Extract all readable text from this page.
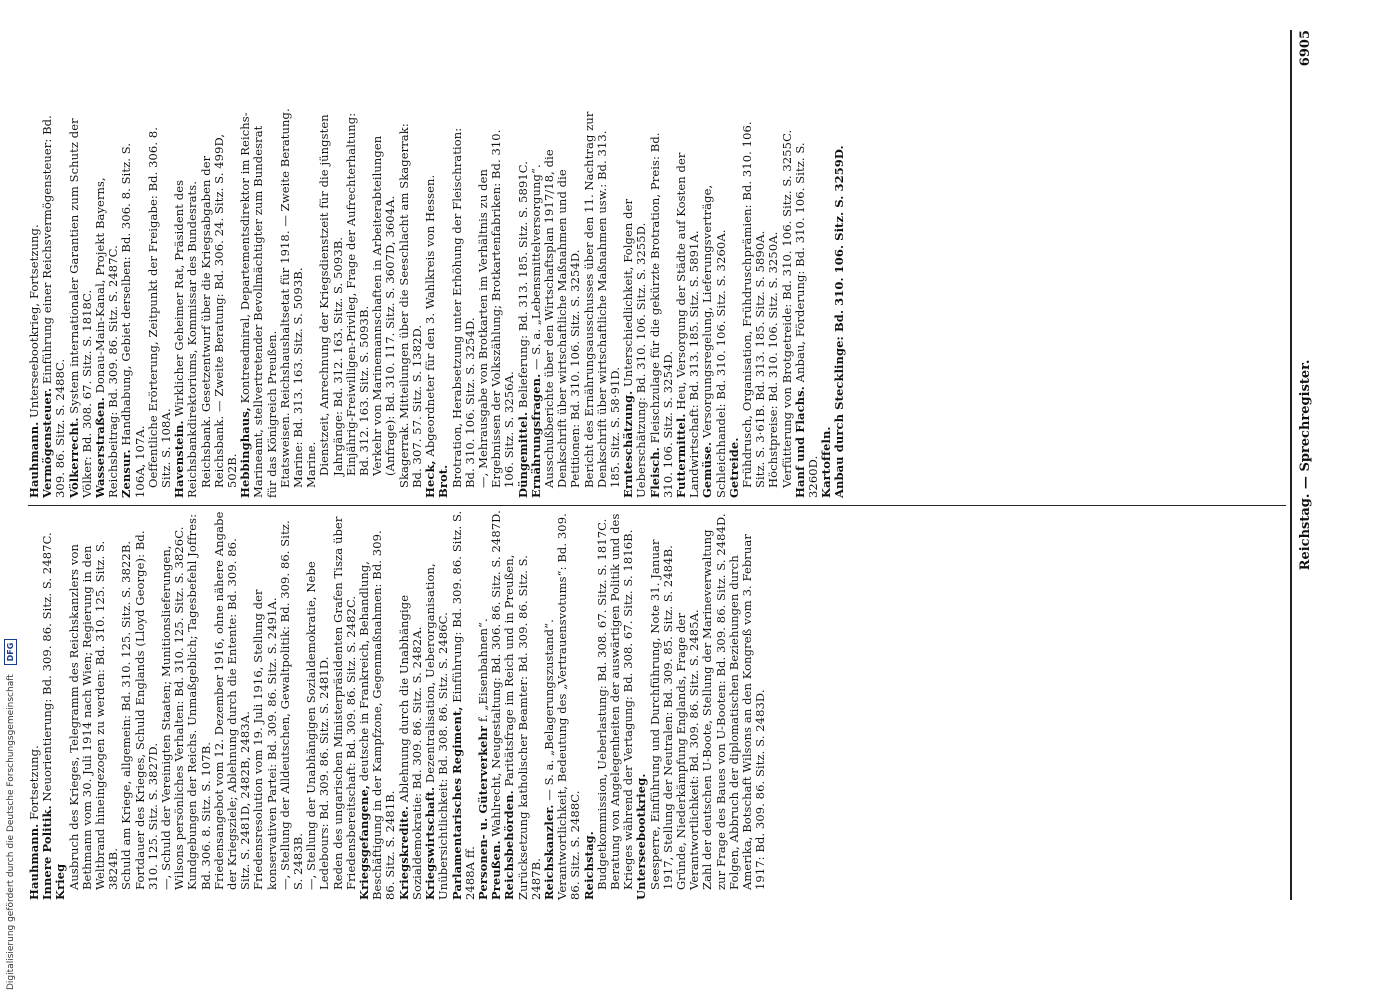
Digitalisierung gefördert durch die Deutsche Forschungsgemeinschaft DFG
Reichstag. — Sprechregister.
6905

Hauhmann. Fortsetzung.

Innere Politik. Neuorientierung: Bd. 309. 86. Sitz. S. 2487C.

Krieg Ausbruch des Krieges, Telegramm des Reichskanzlers von Bethmann vom 30. Juli 1914 nach Wien; Regierung in den Weltbrand hineingezogen zu werden: Bd. 310. 125. Sitz. S. 3824B. Schuld am Kriege, allgemein: Bd. 310. 125. Sitz. S. 3822B. Fortdauer des Krieges, Schuld Englands (Lloyd George): Bd. 310. 125. Sitz. S. 3827D. —, Schuld der Vereinigten Staaten; Munitionslieferungen, Wilsons persönliches Verhalten: Bd. 310. 125. Sitz. S. 3826C. Kundgebungen der Reichs. Unmaßgeblich; Tagesbefehl Joffres: Bd. 306. 8. Sitz. S. 107B. Friedensangebot vom 12. Dezember 1916, ohne nähere Angabe der Kriegsziele; Ablehnung durch die Entente: Bd. 309. 86. Sitz. S. 2481D, 2482B, 2483A. Friedensresolution vom 19. Juli 1916, Stellung der konservativen Partei: Bd. 309. 86. Sitz. S. 2491A. —, Stellung der Alldeutschen, Gewaltpolitik: Bd. 309. 86. Sitz. S. 2483B. —, Stellung der Unabhängigen Sozialdemokratie, Nebe Ledebours: Bd. 309. 86. Sitz. S. 2481D. Reden des ungarischen Ministerpräsidenten Grafen Tisza über Friedensbereitschaft: Bd. 309. 86. Sitz. S. 2482C. Kriegsgefangene, deutsche in Frankreich, Behandlung, Beschäftigung in der Kampfzone, Gegenmaßnahmen: Bd. 309. 86. Sitz. S. 2481B. Kriegskredite. Ablehnung durch die Unabhängige Sozialdemokratie: Bd. 309. 86. Sitz. S. 2482A. Kriegswirtschaft. Dezentralisation, Ueberorganisation, Unübersichtlichkeit: Bd. 308. 86. Sitz. S. 2486C. Parlamentarisches Regiment, Einführung: Bd. 309. 86. Sitz. S. 2488A ff. Personen- u. Güterverkehr f. „Eisenbahnen“.

Preußen. Wahlrecht, Neugestaltung: Bd. 306. 86. Sitz. S. 2487D.

Reichsbehörden. Paritätsfrage im Reich und in Preußen, Zurücksetzung katholischer Beamter: Bd. 309. 86. Sitz. S. 2487B. Reichskanzler. — S. a. „Belagerungszustand“. Verantwortlichkeit, Bedeutung des „Vertrauensvotums“: Bd. 309. 86. Sitz. S. 2488C. Reichstag. Budgetkommission, Ueberlastung: Bd. 308. 67. Sitz. S. 1817C. Beratung von Angelegenheiten der auswärtigen Politik und des Krieges während der Vertagung: Bd. 308. 67. Sitz. S. 1816B. Unterseebootkrieg. Seesperre, Einführung und Durchführung, Note 31. Januar 1917, Stellung der Neutralen: Bd. 309. 85. Sitz. S. 2484B. Gründe, Niederkämpfung Englands, Frage der Verantwortlichkeit: Bd. 309. 86. Sitz. S. 2485A. Zahl der deutschen U-Boote, Stellung der Marineverwaltung zur Frage des Baues von U-Booten: Bd. 309. 86. Sitz. S. 2484D. Folgen, Abbruch der diplomatischen Beziehungen durch Amerika, Botschaft Wilsons an den Kongreß vom 3. Februar 1917: Bd. 309. 86. Sitz. S. 2483D.

Hauhmann. Unterseebootkrieg, Fortsetzung.

Vermögensteuer. Einführung einer Reichsvermögensteuer: Bd. 309. 86. Sitz. S. 2488C. Völkerrecht. System internationaler Garantien zum Schutz der Völker: Bd. 308. 67. Sitz. S. 1818C. Wasserstraßen. Donau-Main-Kanal, Projekt Bayerns, Reichsbeitrag: Bd. 309. 86. Sitz. S. 2487C. Zensur. Handhabung, Gebiet derselben: Bd. 306. 8. Sitz. S. 106A, 107A. Oeffentliche Erörterung, Zeitpunkt der Freigabe: Bd. 306. 8. Sitz. S. 108A. Havenstein. Wirklicher Geheimer Rat, Präsident des Reichsbankdirektoriums, Kommissar des Bundesrats. Reichsbank. Gesetzentwurf über die Kriegsabgaben der Reichsbank. — Zweite Beratung: Bd. 306. 24. Sitz. S. 499D, 502B. Hebbinghaus, Kontreadmiral, Departementsdirektor im Reichs-Marineamt, stellvertretender Bevollmächtigter zum Bundesrat für das Königreich Preußen. Etatsweisen. Reichshaushaltsetat für 1918. — Zweite Beratung. Marine: Bd. 313. 163. Sitz. S. 5093B. Marine. Dienstzeit, Anrechnung der Kriegsdienstzeit für die jüngsten Jahrgänge: Bd. 312. 163. Sitz. S. 5093B. Einjährig-Freiwilligen-Privileg, Frage der Aufrechterhaltung: Bd. 312. 163. Sitz. S. 5093B. Verkehr von Marinemannschaften in Arbeiterabteilungen (Anfrage): Bd. 310. 117. Sitz. S. 3607D, 3604A. Skagerrak. Mitteilungen über die Seeschlacht am Skagerrak: Bd. 307. 57. Sitz. S. 1382D. Heck, Abgeordneter für den 3. Wahlkreis von Hessen.

Brot. Brotration, Herabsetzung unter Erhöhung der Fleischration: Bd. 310. 106. Sitz. S. 3254D. —, Mehrausgabe von Brotkarten im Verhältnis zu den Ergebnissen der Volkszählung; Brotkartenfabriken: Bd. 310. 106. Sitz. S. 3256A. Düngemittel. Belieferung: Bd. 313. 185. Sitz. S. 5891C.

Ernährungsfragen. — S. a. „Lebensmittelversorgung“. Ausschußberichte über den Wirtschaftsplan 1917/18, die Denkschrift über wirtschaftliche Maßnahmen und die Petitionen: Bd. 310. 106. Sitz. S. 3254D. Bericht des Ernährungsausschusses über den 11. Nachtrag zur Denkschrift über wirtschaftliche Maßnahmen usw.: Bd. 313. 185. Sitz. S. 58·91D. Ernteschätzung. Unterschiedlichkeit, Folgen der Ueberschätzung: Bd. 310. 106. Sitz. S. 3255D. Fleisch. Fleischzulage für die gekürzte Brotration, Preis: Bd. 310. 106. Sitz. S. 3254D. Futtermittel. Heu, Versorgung der Städte auf Kosten der Landwirtschaft: Bd. 313. 185. Sitz. S. 5891A. Gemüse. Versorgungsregelung, Lieferungsverträge, Schleichhandel: Bd. 310. 106. Sitz. S. 3260A. Getreide. Frühdrusch, Organisation, Frühdruschprämien: Bd. 310. 106. Sitz. S. 3·61B. Bd. 313. 185. Sitz. S. 5890A. Höchstpreise: Bd. 310. 106. Sitz. S. 3250A. Verfütterung von Brotgetreide: Bd. 310. 106. Sitz. S. 3255C. Hanf und Flachs. Anbau, Förderung: Bd. 310. 106. Sitz. S. 3260D. Kartoffeln. Anbau durch Stecklinge: Bd. 310. 106. Sitz. S. 3259D.
